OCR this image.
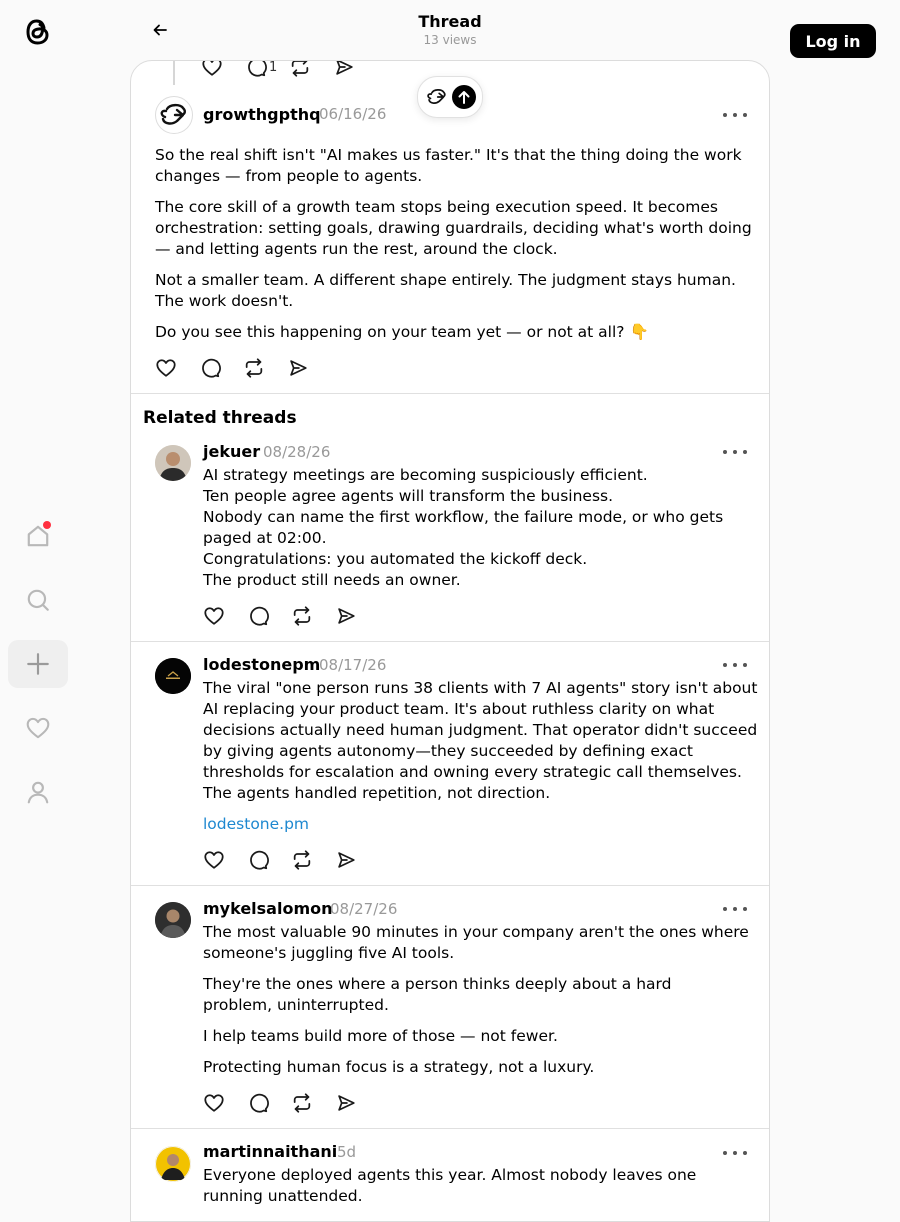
Thread
13 views	Log in
1
growthgpthq
06/16/26
So the real shift isn't "AI makes us faster." It's that the thing doing the work
changes — from people to agents.
The core skill of a growth team stops being execution speed. It becomes
orchestration: setting goals, drawing guardrails, deciding what's worth doing
— and letting agents run the rest, around the clock.
Not a smaller team. A different shape entirely. The judgment stays human.
The work doesn't.
Do you see this happening on your team yet — or not at all? 👇
Related threads
jekuer 08/28/26
AI strategy meetings are becoming suspiciously efficient.
Ten people agree agents will transform the business.
Nobody can name the first workflow, the failure mode, or who gets
paged at 02:00.
Congratulations: you automated the kickoff deck.
The product still needs an owner.
lodestonepm
08/17/26
The viral "one person runs 38 clients with 7 AI agents" story isn't about
AI replacing your product team. It's about ruthless clarity on what
decisions actually need human judgment. That operator didn't succeed
by giving agents autonomy—they succeeded by defining exact
thresholds for escalation and owning every strategic call themselves.
The agents handled repetition, not direction.
lodestone.pm
mykelsalomon
08/27/26
The most valuable 90 minutes in your company aren't the ones where
someone's juggling five AI tools.
They're the ones where a person thinks deeply about a hard
problem, uninterrupted.
I help teams build more of those — not fewer.
Protecting human focus is a strategy, not a luxury.
martinnaithani 5d
Everyone deployed agents this year. Almost nobody leaves one
running unattended.
